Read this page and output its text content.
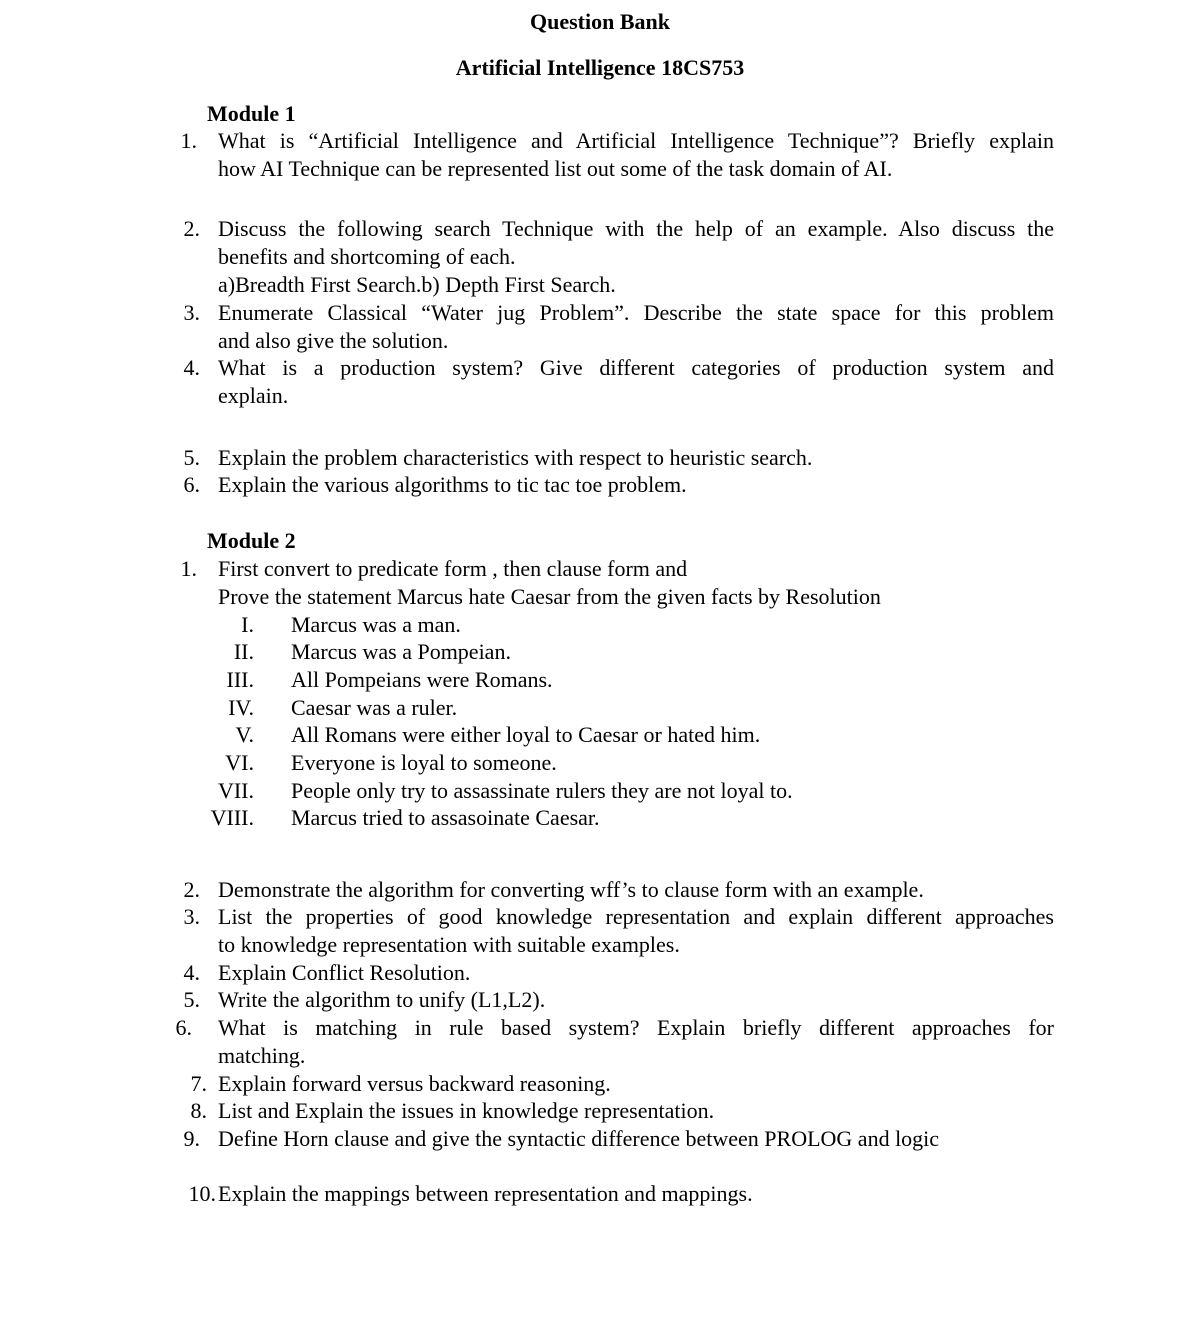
Question Bank
Artificial Intelligence 18CS753
Module 1
1. What is “Artificial Intelligence and Artificial Intelligence Technique”? Briefly explain
how AI Technique can be represented list out some of the task domain of AI.
2. Discuss the following search Technique with the help of an example. Also discuss the
benefits and shortcoming of each.
a)Breadth First Search.b) Depth First Search.
3. Enumerate Classical “Water jug Problem”. Describe the state space for this problem
and also give the solution.
4. What is a production system? Give different categories of production system and
explain.
5. Explain the problem characteristics with respect to heuristic search.
6. Explain the various algorithms to tic tac toe problem.
Module 2
1. First convert to predicate form , then clause form and
Prove the statement Marcus hate Caesar from the given facts by Resolution
I. Marcus was a man.
II. Marcus was a Pompeian.
III. All Pompeians were Romans.
IV. Caesar was a ruler.
V. All Romans were either loyal to Caesar or hated him.
VI. Everyone is loyal to someone.
VII. People only try to assassinate rulers they are not loyal to.
VIII. Marcus tried to assasoinate Caesar.
2. Demonstrate the algorithm for converting wff’s to clause form with an example.
3. List the properties of good knowledge representation and explain different approaches
to knowledge representation with suitable examples.
4. Explain Conflict Resolution.
5. Write the algorithm to unify (L1,L2).
6. What is matching in rule based system? Explain briefly different approaches for
matching.
7. Explain forward versus backward reasoning.
8. List and Explain the issues in knowledge representation.
9. Define Horn clause and give the syntactic difference between PROLOG and logic
10. Explain the mappings between representation and mappings.
